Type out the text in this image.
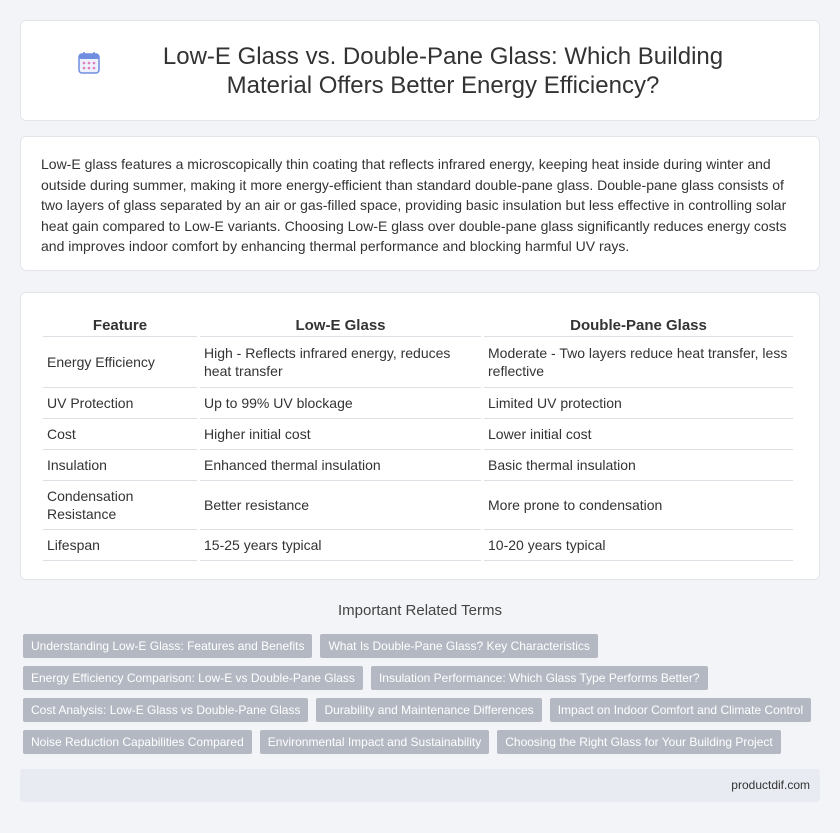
Low-E Glass vs. Double-Pane Glass: Which Building Material Offers Better Energy Efficiency?

Low-E glass features a microscopically thin coating that reflects infrared energy, keeping heat inside during winter and outside during summer, making it more energy-efficient than standard double-pane glass. Double-pane glass consists of two layers of glass separated by an air or gas-filled space, providing basic insulation but less effective in controlling solar heat gain compared to Low-E variants. Choosing Low-E glass over double-pane glass significantly reduces energy costs and improves indoor comfort by enhancing thermal performance and blocking harmful UV rays.

Feature	Low-E Glass	Double-Pane Glass
Energy Efficiency	High - Reflects infrared energy, reduces heat transfer	Moderate - Two layers reduce heat transfer, less reflective
UV Protection	Up to 99% UV blockage	Limited UV protection
Cost	Higher initial cost	Lower initial cost
Insulation	Enhanced thermal insulation	Basic thermal insulation
Condensation Resistance	Better resistance	More prone to condensation
Lifespan	15-25 years typical	10-20 years typical
Important Related Terms
Understanding Low-E Glass: Features and Benefits	What Is Double-Pane Glass? Key Characteristics
Energy Efficiency Comparison: Low-E vs Double-Pane Glass	Insulation Performance: Which Glass Type Performs Better?
Cost Analysis: Low-E Glass vs Double-Pane Glass	Durability and Maintenance Differences	Impact on Indoor Comfort and Climate Control
Noise Reduction Capabilities Compared	Environmental Impact and Sustainability	Choosing the Right Glass for Your Building Project
productdif.com
